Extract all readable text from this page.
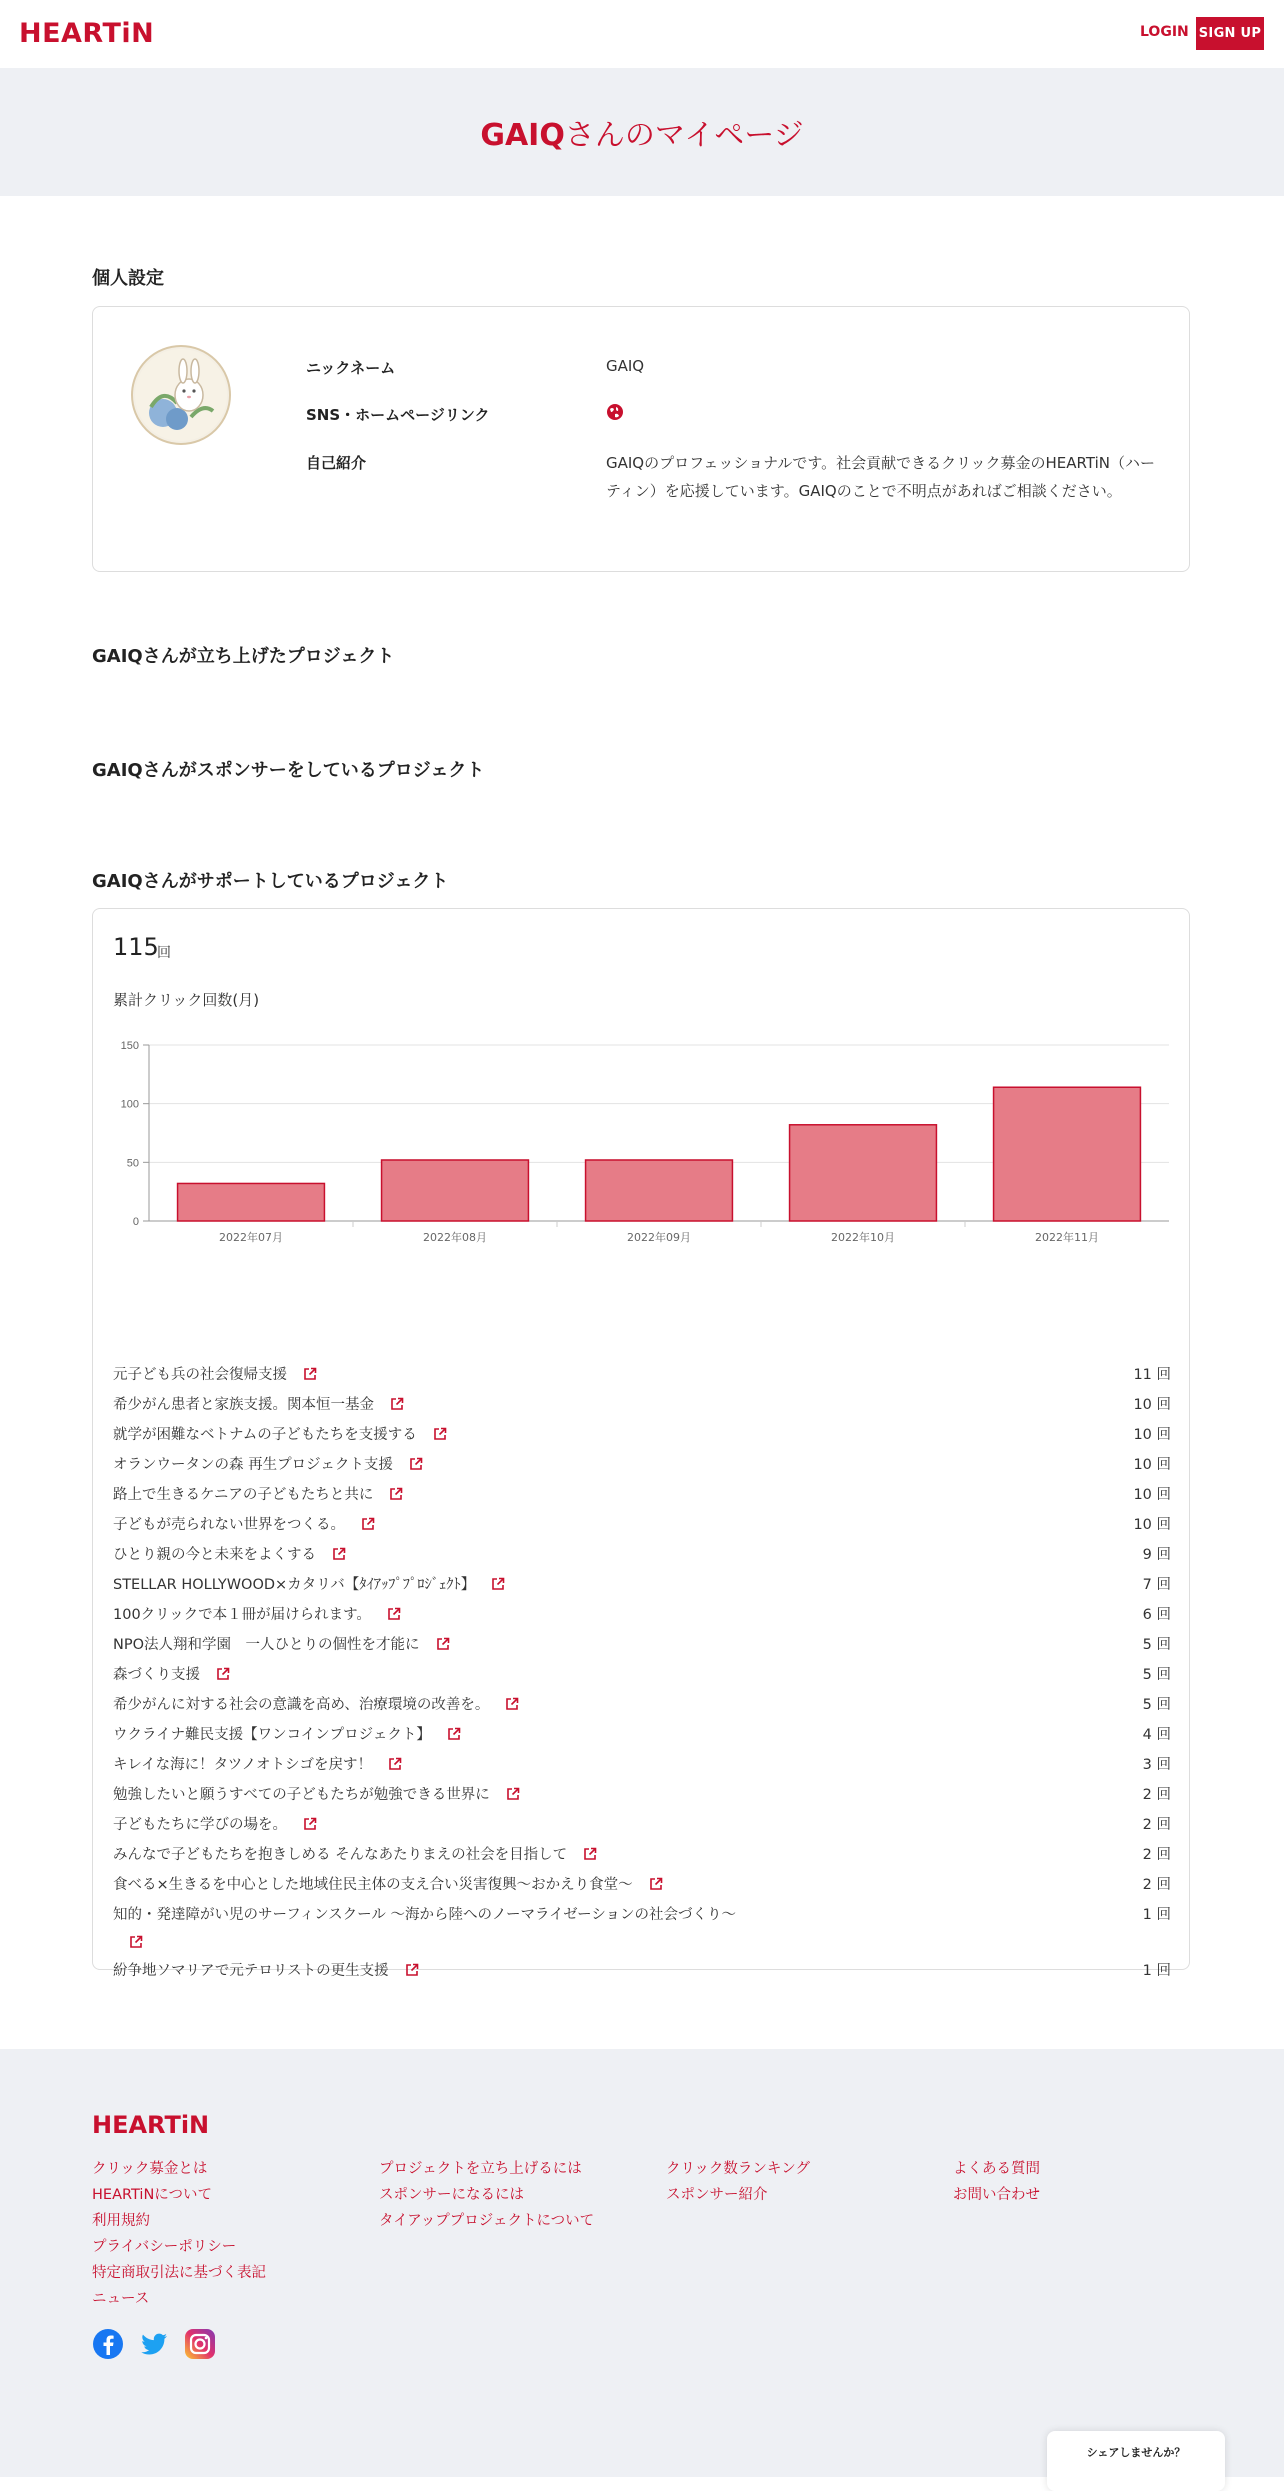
HEARTiN	LOGIN SIGN UP
GAIQさんのマイページ
個人設定
ニックネーム	GAIQ
SNS・ホームページリンク
自己紹介	GAIQのプロフェッショナルです。社会貢献できるクリック募金のHEARTiN（ハーティン）を応援しています。GAIQのことで不明点があればご相談ください。

GAIQさんが立ち上げたプロジェクト
GAIQさんがスポンサーをしているプロジェクト
GAIQさんがサポートしているプロジェクト
115
回
累計クリック回数(月)
0
50
100
150
2022年07月	2022年08月	2022年09月	2022年10月	2022年11月
元子ども兵の社会復帰支援	11 回
希少がん患者と家族支援。関本恒一基金	10 回
就学が困難なベトナムの子どもたちを支援する	10 回
オランウータンの森 再生プロジェクト支援	10 回
路上で生きるケニアの子どもたちと共に	10 回
子どもが売られない世界をつくる。	10 回
ひとり親の今と未来をよくする	9 回
STELLAR HOLLYWOOD×カタリバ【ﾀｲｱｯﾌﾟﾌﾟﾛｼﾞｪｸﾄ】	7 回
100クリックで本１冊が届けられます。	6 回
NPO法人翔和学園　一人ひとりの個性を才能に	5 回
森づくり支援	5 回
希少がんに対する社会の意識を高め、治療環境の改善を。	5 回
ウクライナ難民支援【ワンコインプロジェクト】	4 回
キレイな海に！タツノオトシゴを戻す！	3 回
勉強したいと願うすべての子どもたちが勉強できる世界に	2 回
子どもたちに学びの場を。	2 回
みんなで子どもたちを抱きしめる そんなあたりまえの社会を目指して	2 回
食べる×生きるを中心とした地域住民主体の支え合い災害復興～おかえり食堂～	2 回
知的・発達障がい児のサーフィンスクール ～海から陸へのノーマライゼーションの社会づくり～	1 回
紛争地ソマリアで元テロリストの更生支援	1 回
HEARTiN
クリック募金とは
HEARTiNについて
利用規約
プライバシーポリシー
特定商取引法に基づく表記
ニュース
プロジェクトを立ち上げるには
スポンサーになるには
タイアッププロジェクトについて
クリック数ランキング
スポンサー紹介
よくある質問
お問い合わせ
シェアしませんか？
